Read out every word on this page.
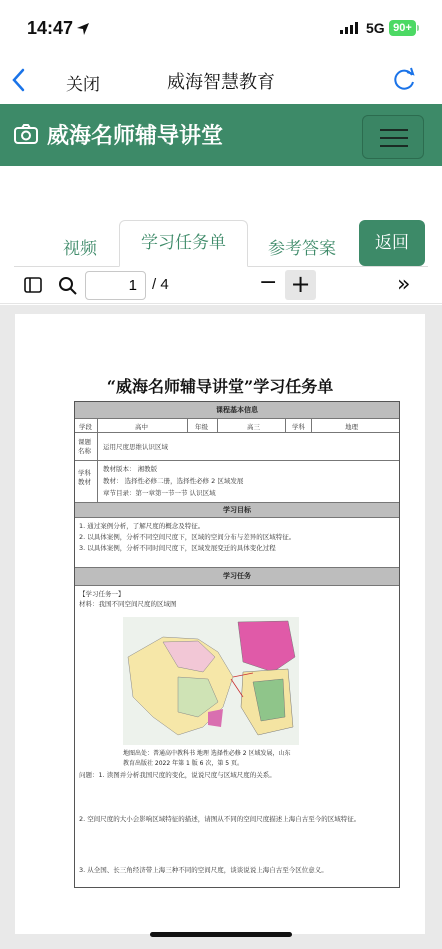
14:47	5G 90+
关闭	威海智慧教育
威海名师辅导讲堂
视频	学习任务单	参考答案	返回
1
/ 4	− +	»
“威海名师辅导讲堂”学习任务单
课程基本信息
学段	高中	年级	高三	学科	地理
课题名称	运用尺度思维认识区域
学科教材
教材版本： 湘教版
教材： 选择性必修二册，选择性必修 2 区域发展
章节目录：第一章第一节一节 认识区域
学习目标
1. 通过案例分析，了解尺度的概念及特征。
2. 以具体案例，分析不同空间尺度下，区域的空间分布与差异的区域特征。
3. 以具体案例，分析不同时间尺度下，区域发展变迁的具体变化过程
学习任务
【学习任务一】
材料：我国不同空间尺度的区域图
地图出处：普通高中教科书 地理 选择性必修 2 区域发展，山东
教育出版社 2022 年第 1 版 6 次，第 5 页。
问题：1. 读图并分析我国尺度的变化，说说尺度与区域尺度的关系。
2. 空间尺度的大小会影响区域特征的描述，请图从不同的空间尺度描述上海自古至今的区域特征。
3. 从全国、长三角经济带上海三种不同的空间尺度，谈谈说说上海自古至今区位意义。
